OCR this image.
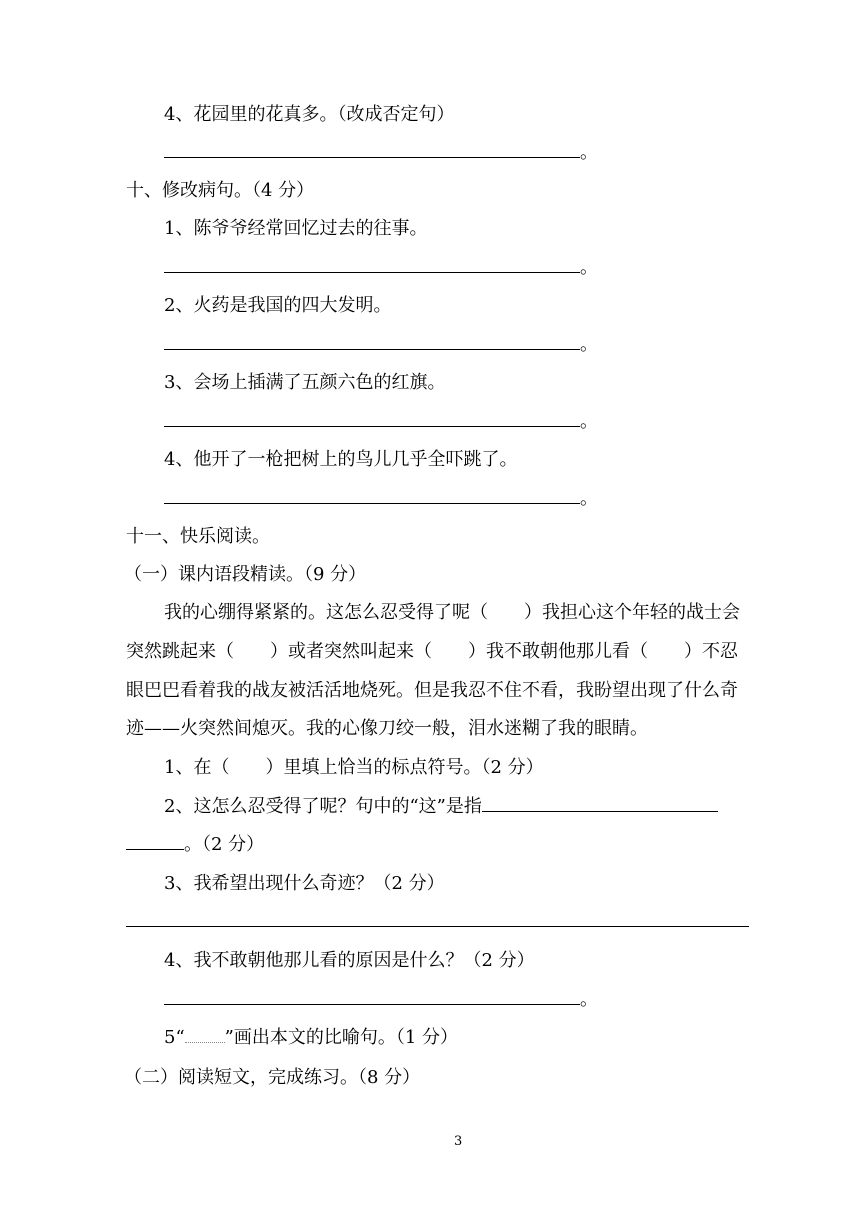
4、花园里的花真多。（改成否定句）
。
十、修改病句。（4 分）
1、陈爷爷经常回忆过去的往事。
。
2、火药是我国的四大发明。
。
3、会场上插满了五颜六色的红旗。
。
4、他开了一枪把树上的鸟儿几乎全吓跳了。
。
十一、快乐阅读。
（一）课内语段精读。（9 分）
我的心绷得紧紧的。这怎么忍受得了呢（　　）我担心这个年轻的战士会
突然跳起来（　　）或者突然叫起来（　　）我不敢朝他那儿看（　　）不忍
眼巴巴看着我的战友被活活地烧死。但是我忍不住不看，我盼望出现了什么奇
迹——火突然间熄灭。我的心像刀绞一般，泪水迷糊了我的眼睛。
1、在（　　）里填上恰当的标点符号。（2 分）
2、这怎么忍受得了呢？句中的“这”是指
。（2 分）
3、我希望出现什么奇迹？（2 分）
4、我不敢朝他那儿看的原因是什么？（2 分）
。
5“ ”画出本文的比喻句。（1 分）
（二）阅读短文，完成练习。（8 分）
3
